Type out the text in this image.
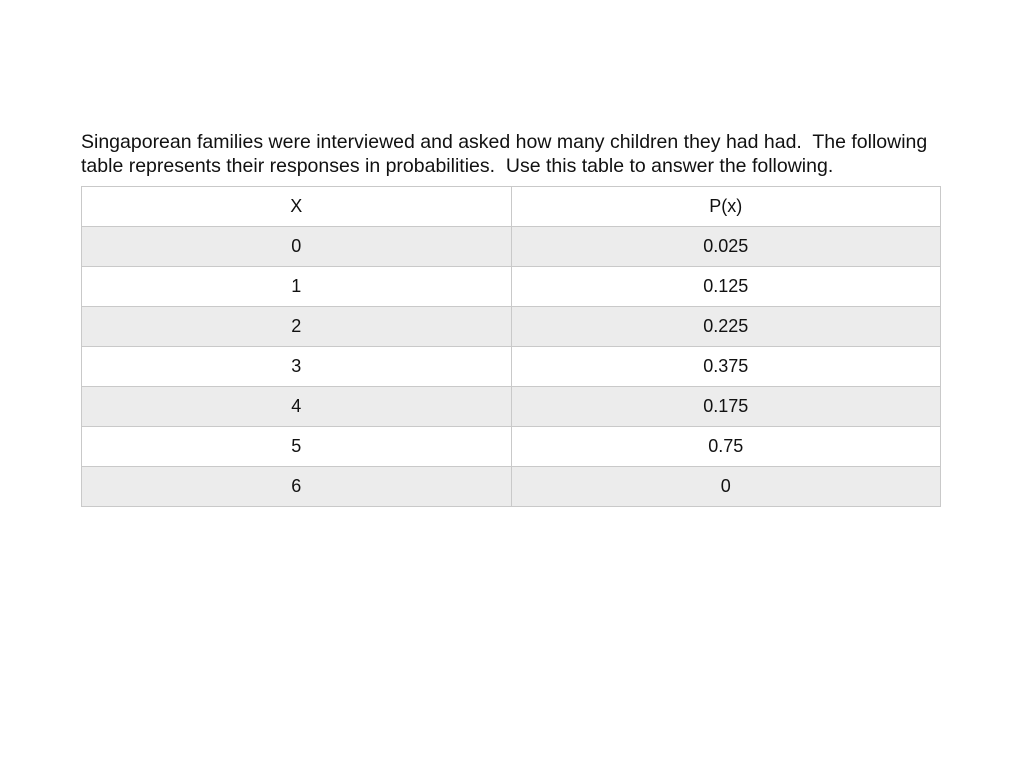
Singaporean families were interviewed and asked how many children they had had.  The following table represents their responses in probabilities.  Use this table to answer the following.

X	P(x)
0	0.025
1	0.125
2	0.225
3	0.375
4	0.175
5	0.75
6	0
